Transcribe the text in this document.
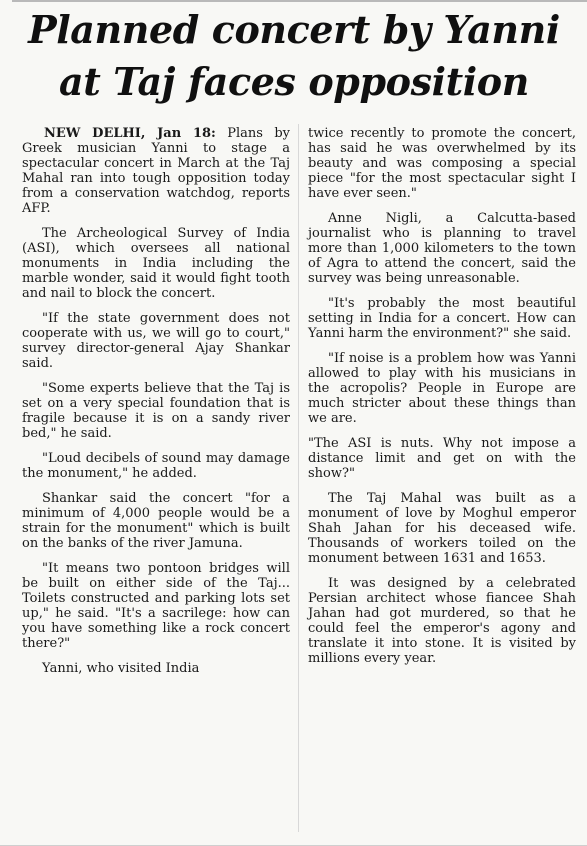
Planned concert by Yanni
at Taj faces opposition

NEW DELHI, Jan 18: Plans by Greek musician Yanni to stage a spectacular concert in March at the Taj Mahal ran into tough opposition today from a conservation watchdog, reports AFP.

The Archeological Survey of India (ASI), which oversees all national monuments in India including the marble wonder, said it would fight tooth and nail to block the concert.

"If the state government does not cooperate with us, we will go to court," survey director-general Ajay Shankar said.

"Some experts believe that the Taj is set on a very special foundation that is fragile because it is on a sandy river bed," he said.

"Loud decibels of sound may damage the monument," he added.

Shankar said the concert "for a minimum of 4,000 people would be a strain for the monument" which is built on the banks of the river Jamuna.

"It means two pontoon bridges will be built on either side of the Taj... Toilets constructed and parking lots set up," he said. "It's a sacrilege: how can you have something like a rock concert there?"

Yanni, who visited India

twice recently to promote the concert, has said he was overwhelmed by its beauty and was composing a special piece "for the most spectacular sight I have ever seen."

Anne Nigli, a Calcutta-based journalist who is planning to travel more than 1,000 kilometers to the town of Agra to attend the concert, said the survey was being unreasonable.

"It's probably the most beautiful setting in India for a concert. How can Yanni harm the environment?" she said.

"If noise is a problem how was Yanni allowed to play with his musicians in the acropolis? People in Europe are much stricter about these things than we are.

"The ASI is nuts. Why not impose a distance limit and get on with the show?"

The Taj Mahal was built as a monument of love by Moghul emperor Shah Jahan for his deceased wife. Thousands of workers toiled on the monument between 1631 and 1653.

It was designed by a celebrated Persian architect whose fiancee Shah Jahan had got murdered, so that he could feel the emperor's agony and translate it into stone. It is visited by millions every year.
